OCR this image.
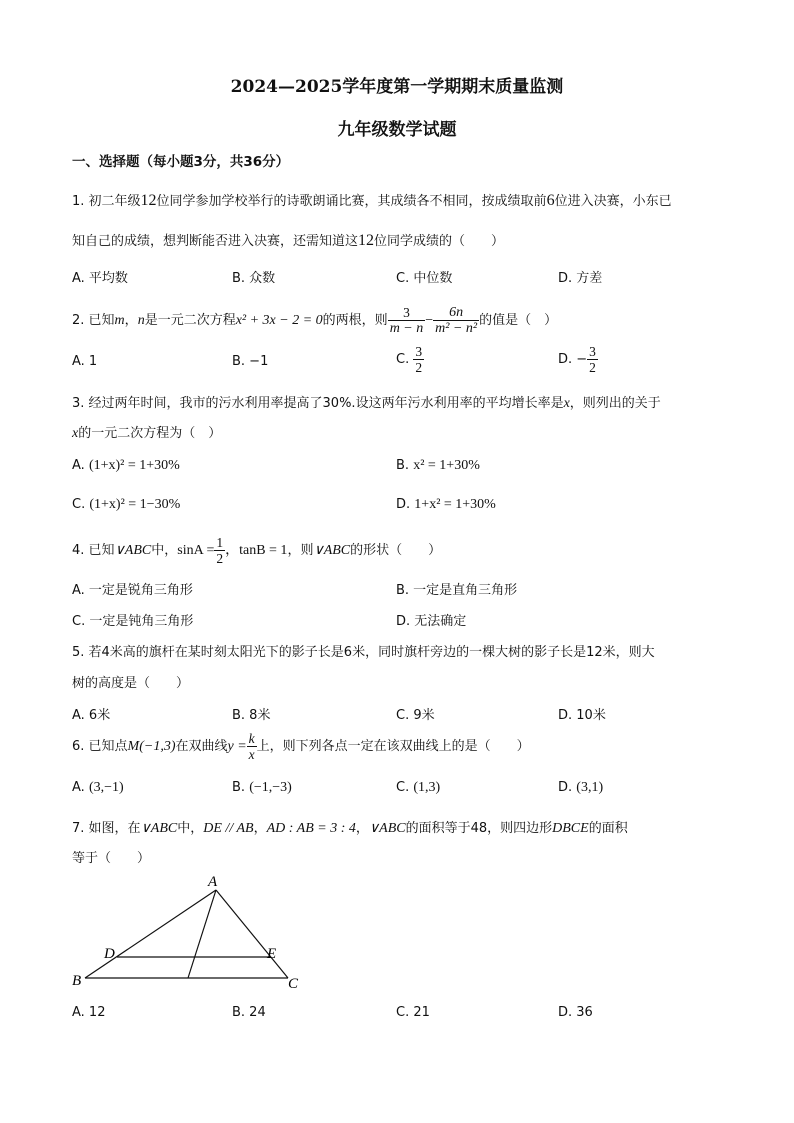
2024—2025学年度第一学期期末质量监测
九年级数学试题
一、选择题（每小题3分，共36分）
1. 初二年级12位同学参加学校举行的诗歌朗诵比赛，其成绩各不相同，按成绩取前6位进入决赛，小东已
知自己的成绩，想判断能否进入决赛，还需知道这12位同学成绩的（　　）
A. 平均数	B. 众数	C. 中位数	D. 方差
2. 已知m，n是一元二次方程x² + 3x − 2 = 0的两根，则 $\frac{3}{m - n} - \frac{6n}{\text{m² − n²}}$ 的值是（　）
A. 1	B. −1	C. $\frac{3}{2}$	D. − $\frac{3}{2}$
3. 经过两年时间，我市的污水利用率提高了30%.设这两年污水利用率的平均增长率是x，则列出的关于
x的一元二次方程为（　）
A. (1+x)² = 1+30%	B. x² = 1+30%
C. (1+x)² = 1−30%	D. 1+x² = 1+30%
4. 已知∨ABC中，$\sin A = \frac{1}{2}$ ，tanB = 1，则∨ABC的形状（　　）
A. 一定是锐角三角形	B. 一定是直角三角形
C. 一定是钝角三角形	D. 无法确定
5. 若4米高的旗杆在某时刻太阳光下的影子长是6米，同时旗杆旁边的一棵大树的影子长是12米，则大
树的高度是（　　）
A. 6米	B. 8米	C. 9米	D. 10米
6. 已知点M(−1,3)在双曲线$y = \frac{k}{x}$ 上，则下列各点一定在该双曲线上的是（　　）
A. (3,−1)	B. (−1,−3)	C. (1,3)	D. (3,1)
7. 如图，在∨ABC中，DE // AB，AD : AB = 3 : 4，∨ABC的面积等于48，则四边形DBCE的面积
等于（　　）
A
B	C
D	E
A. 12	B. 24	C. 21	D. 36
